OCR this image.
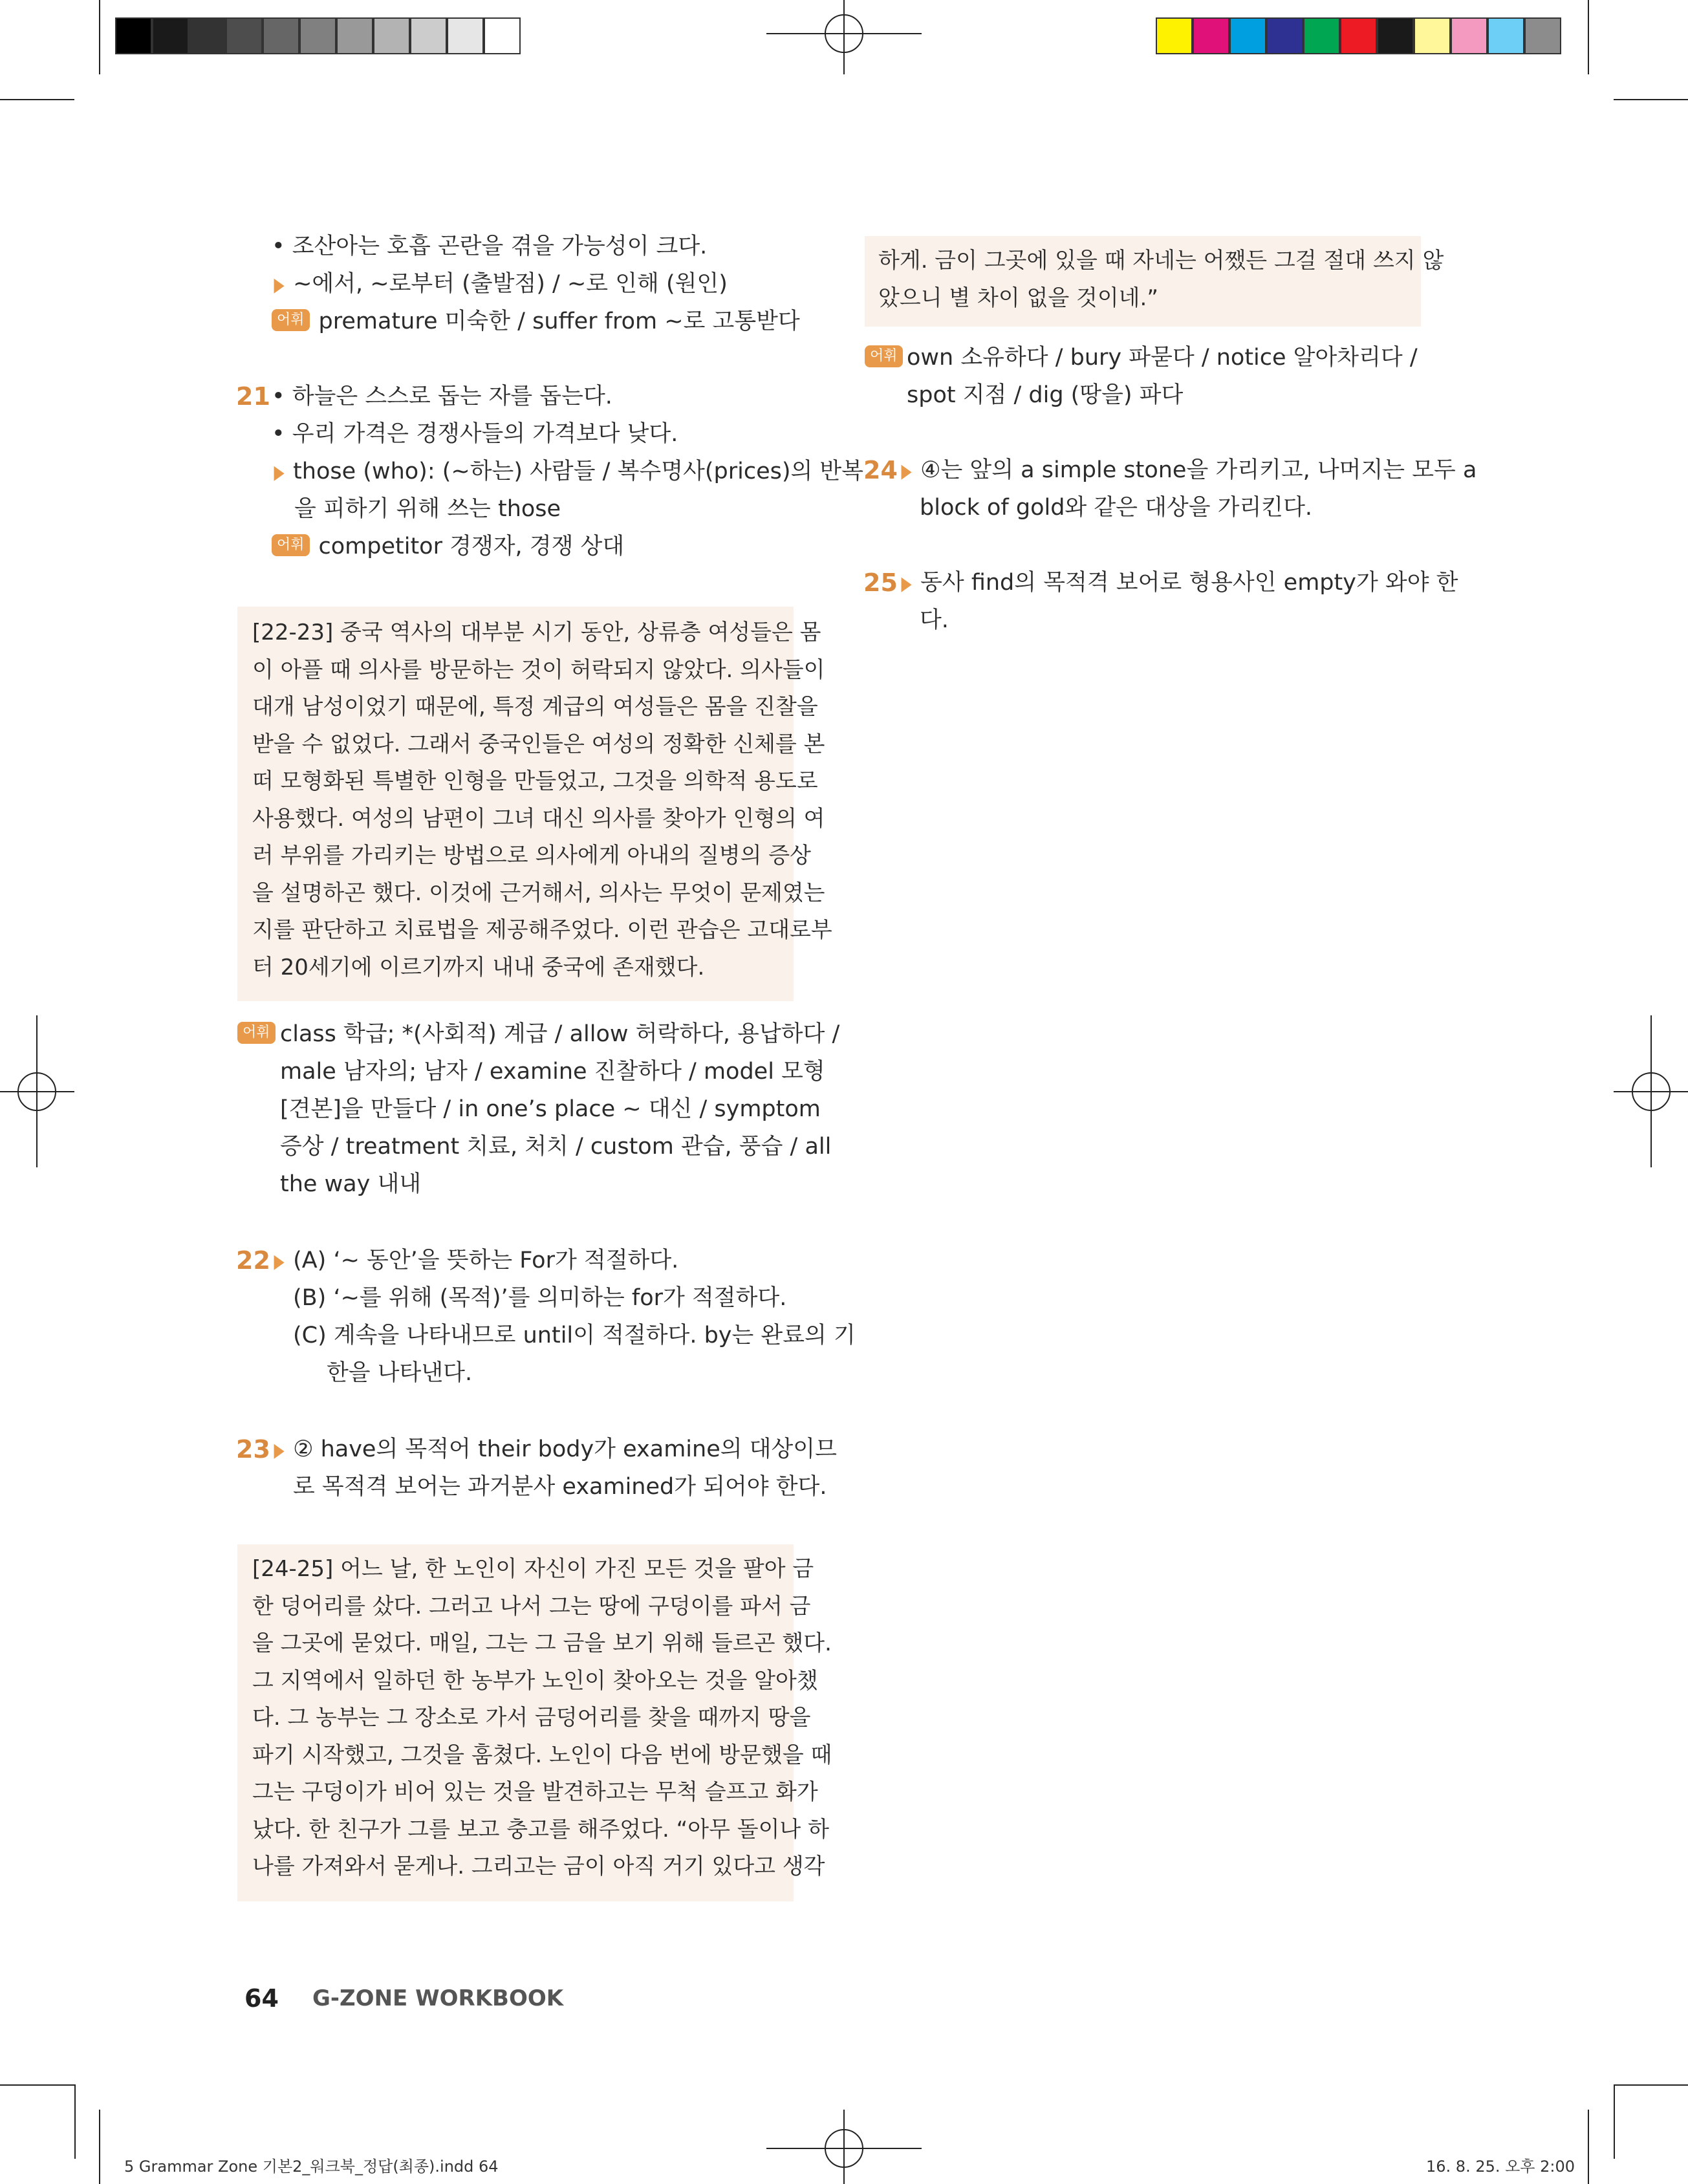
• 조산아는 호흡 곤란을 겪을 가능성이 크다.
▶ ~에서, ~로부터 (출발점) / ~로 인해 (원인)
어휘 premature 미숙한 / suffer from ~로 고통받다
21 • 하늘은 스스로 돕는 자를 돕는다.
• 우리 가격은 경쟁사들의 가격보다 낮다.
▶ those (who): (~하는) 사람들 / 복수명사(prices)의 반복
을 피하기 위해 쓰는 those
어휘 competitor 경쟁자, 경쟁 상대
[22-23] 중국 역사의 대부분 시기 동안, 상류층 여성들은 몸
이 아플 때 의사를 방문하는 것이 허락되지 않았다. 의사들이
대개 남성이었기 때문에, 특정 계급의 여성들은 몸을 진찰을
받을 수 없었다. 그래서 중국인들은 여성의 정확한 신체를 본
떠 모형화된 특별한 인형을 만들었고, 그것을 의학적 용도로
사용했다. 여성의 남편이 그녀 대신 의사를 찾아가 인형의 여
러 부위를 가리키는 방법으로 의사에게 아내의 질병의 증상
을 설명하곤 했다. 이것에 근거해서, 의사는 무엇이 문제였는
지를 판단하고 치료법을 제공해주었다. 이런 관습은 고대로부
터 20세기에 이르기까지 내내 중국에 존재했다.
어휘 class 학급; *(사회적) 계급 / allow 허락하다, 용납하다 /
male 남자의; 남자 / examine 진찰하다 / model 모형
[견본]을 만들다 / in one’s place ~ 대신 / symptom
증상 / treatment 치료, 처치 / custom 관습, 풍습 / all
the way 내내
22 ▶ (A) ‘~ 동안’을 뜻하는 For가 적절하다.
(B) ‘~를 위해 (목적)’를 의미하는 for가 적절하다.
(C) 계속을 나타내므로 until이 적절하다. by는 완료의 기
한을 나타낸다.
23 ▶ ② have의 목적어 their body가 examine의 대상이므
로 목적격 보어는 과거분사 examined가 되어야 한다.
[24-25] 어느 날, 한 노인이 자신이 가진 모든 것을 팔아 금
한 덩어리를 샀다. 그러고 나서 그는 땅에 구덩이를 파서 금
을 그곳에 묻었다. 매일, 그는 그 금을 보기 위해 들르곤 했다.
그 지역에서 일하던 한 농부가 노인이 찾아오는 것을 알아챘
다. 그 농부는 그 장소로 가서 금덩어리를 찾을 때까지 땅을
파기 시작했고, 그것을 훔쳤다. 노인이 다음 번에 방문했을 때
그는 구덩이가 비어 있는 것을 발견하고는 무척 슬프고 화가
났다. 한 친구가 그를 보고 충고를 해주었다. “아무 돌이나 하
나를 가져와서 묻게나. 그리고는 금이 아직 거기 있다고 생각
하게. 금이 그곳에 있을 때 자네는 어쨌든 그걸 절대 쓰지 않
았으니 별 차이 없을 것이네.”
어휘 own 소유하다 / bury 파묻다 / notice 알아차리다 /
spot 지점 / dig (땅을) 파다
24 ▶ ④는 앞의 a simple stone을 가리키고, 나머지는 모두 a
block of gold와 같은 대상을 가리킨다.
25 ▶ 동사 find의 목적격 보어로 형용사인 empty가 와야 한
다.
64 G-ZONE WORKBOOK
5 Grammar Zone 기본2_워크북_정답(최종).indd 64	16. 8. 25. 오후 2:00
